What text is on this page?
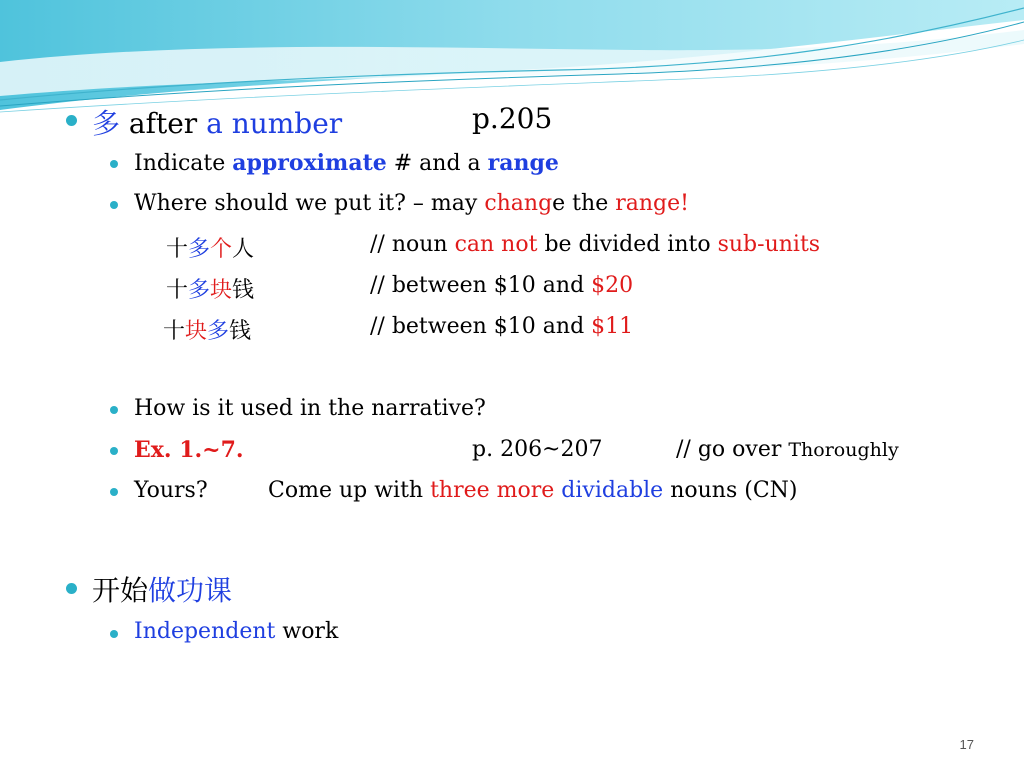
多 after a number	p.205
Indicate approximate # and a range
Where should we put it? – may change the range!
十多个人	// noun can not be divided into sub-units
十多块钱	// between $10 and $20
十块多钱	// between $10 and $11
How is it used in the narrative?
Ex. 1.~7.	p. 206~207	// go over Thoroughly
Yours?	Come up with three more dividable nouns (CN)
开始做功课
Independent work
17
